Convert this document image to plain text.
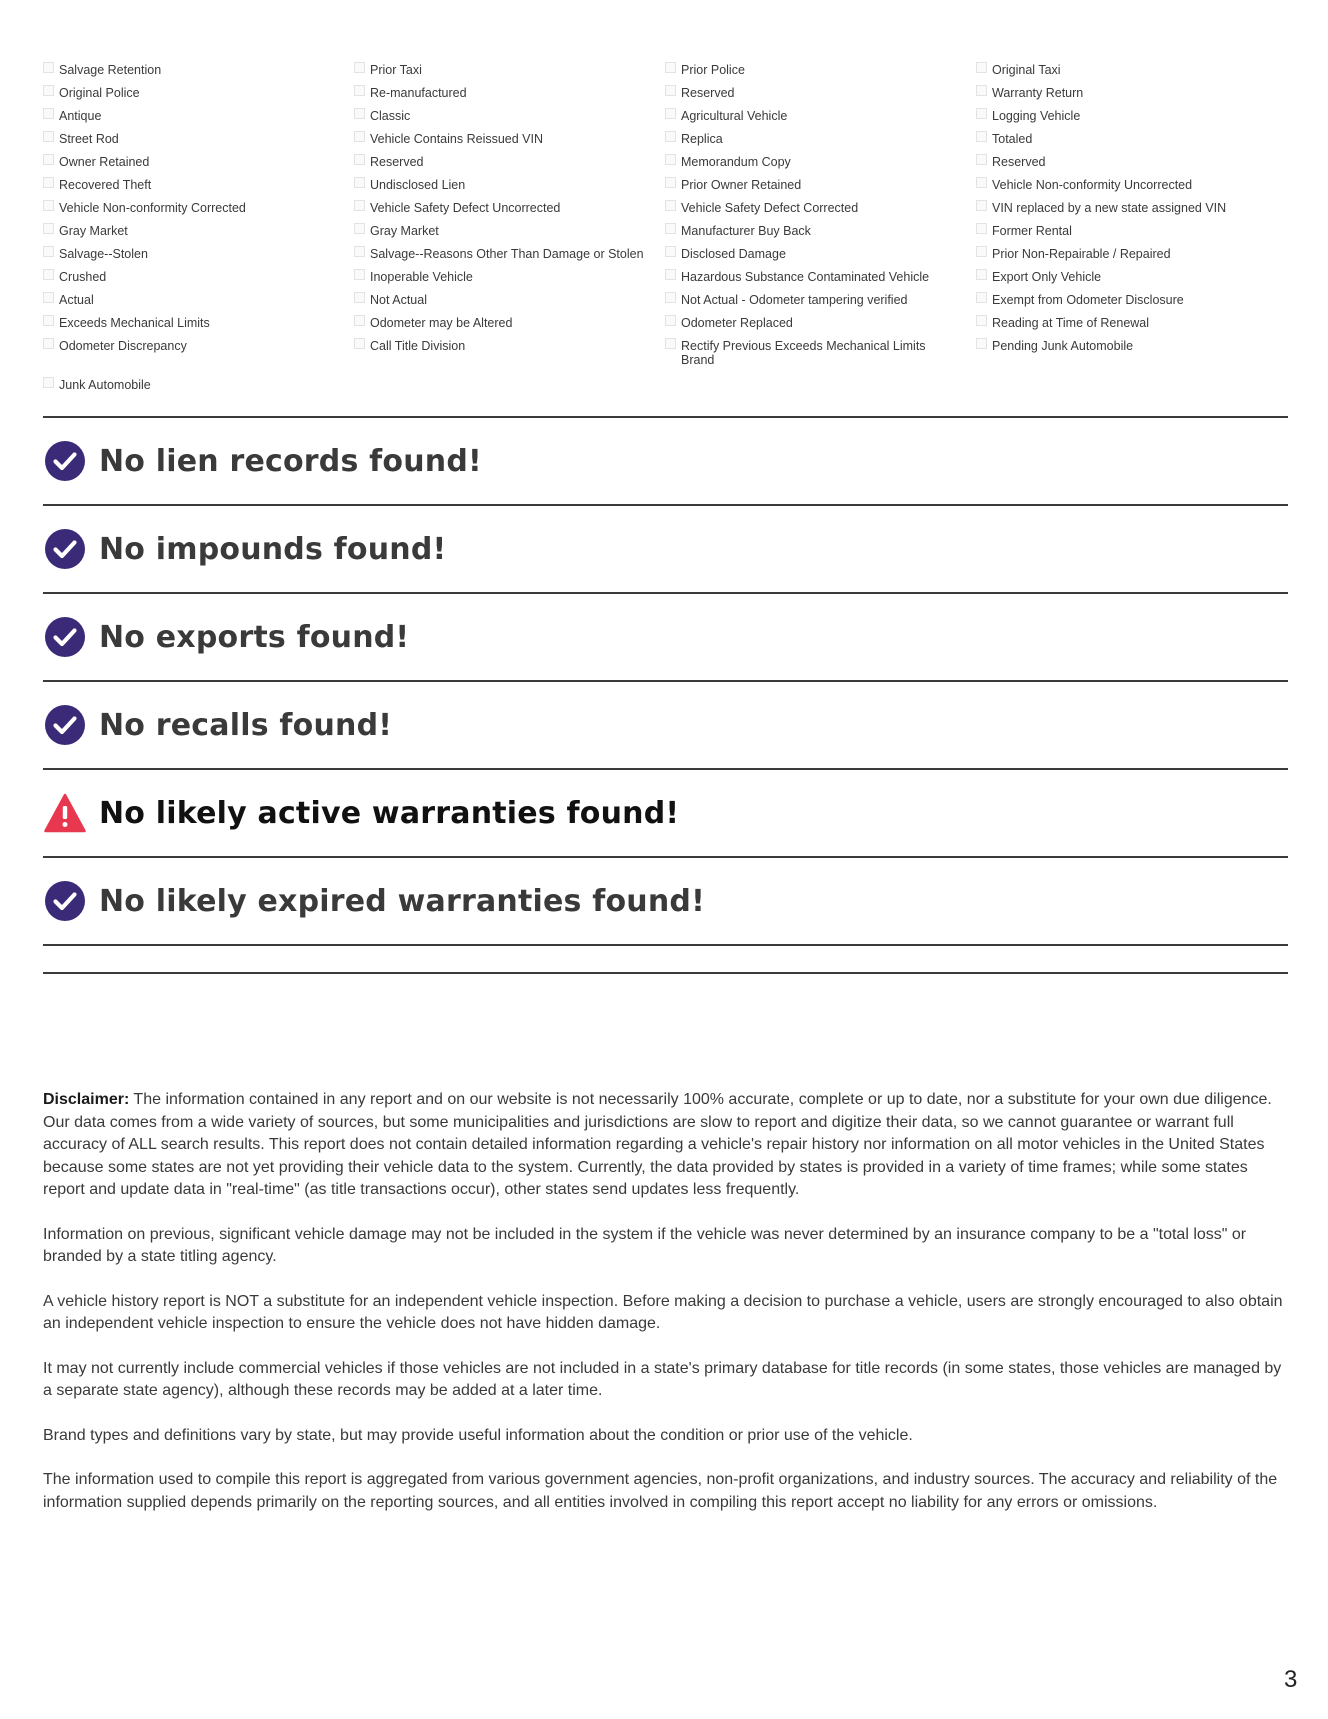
Salvage Retention
Original Police
Antique
Street Rod
Owner Retained
Recovered Theft
Vehicle Non-conformity Corrected
Gray Market
Salvage--Stolen
Crushed
Actual
Exceeds Mechanical Limits
Odometer Discrepancy
Junk Automobile
Prior Taxi
Re-manufactured
Classic
Vehicle Contains Reissued VIN
Reserved
Undisclosed Lien
Vehicle Safety Defect Uncorrected
Gray Market
Salvage--Reasons Other Than Damage or Stolen
Inoperable Vehicle
Not Actual
Odometer may be Altered
Call Title Division
Prior Police
Reserved
Agricultural Vehicle
Replica
Memorandum Copy
Prior Owner Retained
Vehicle Safety Defect Corrected
Manufacturer Buy Back
Disclosed Damage
Hazardous Substance Contaminated Vehicle
Not Actual - Odometer tampering verified
Odometer Replaced
Rectify Previous Exceeds Mechanical Limits Brand
Original Taxi
Warranty Return
Logging Vehicle
Totaled
Reserved
Vehicle Non-conformity Uncorrected
VIN replaced by a new state assigned VIN
Former Rental
Prior Non-Repairable / Repaired
Export Only Vehicle
Exempt from Odometer Disclosure
Reading at Time of Renewal
Pending Junk Automobile
No lien records found!
No impounds found!
No exports found!
No recalls found!
No likely active warranties found!
No likely expired warranties found!

Disclaimer: The information contained in any report and on our website is not necessarily 100% accurate, complete or up to date, nor a substitute for your own due diligence. Our data comes from a wide variety of sources, but some municipalities and jurisdictions are slow to report and digitize their data, so we cannot guarantee or warrant full accuracy of ALL search results. This report does not contain detailed information regarding a vehicle's repair history nor information on all motor vehicles in the United States because some states are not yet providing their vehicle data to the system. Currently, the data provided by states is provided in a variety of time frames; while some states report and update data in "real-time" (as title transactions occur), other states send updates less frequently.

Information on previous, significant vehicle damage may not be included in the system if the vehicle was never determined by an insurance company to be a "total loss" or branded by a state titling agency.

A vehicle history report is NOT a substitute for an independent vehicle inspection. Before making a decision to purchase a vehicle, users are strongly encouraged to also obtain an independent vehicle inspection to ensure the vehicle does not have hidden damage.

It may not currently include commercial vehicles if those vehicles are not included in a state's primary database for title records (in some states, those vehicles are managed by a separate state agency), although these records may be added at a later time.

Brand types and definitions vary by state, but may provide useful information about the condition or prior use of the vehicle.

The information used to compile this report is aggregated from various government agencies, non-profit organizations, and industry sources. The accuracy and reliability of the information supplied depends primarily on the reporting sources, and all entities involved in compiling this report accept no liability for any errors or omissions.

3
